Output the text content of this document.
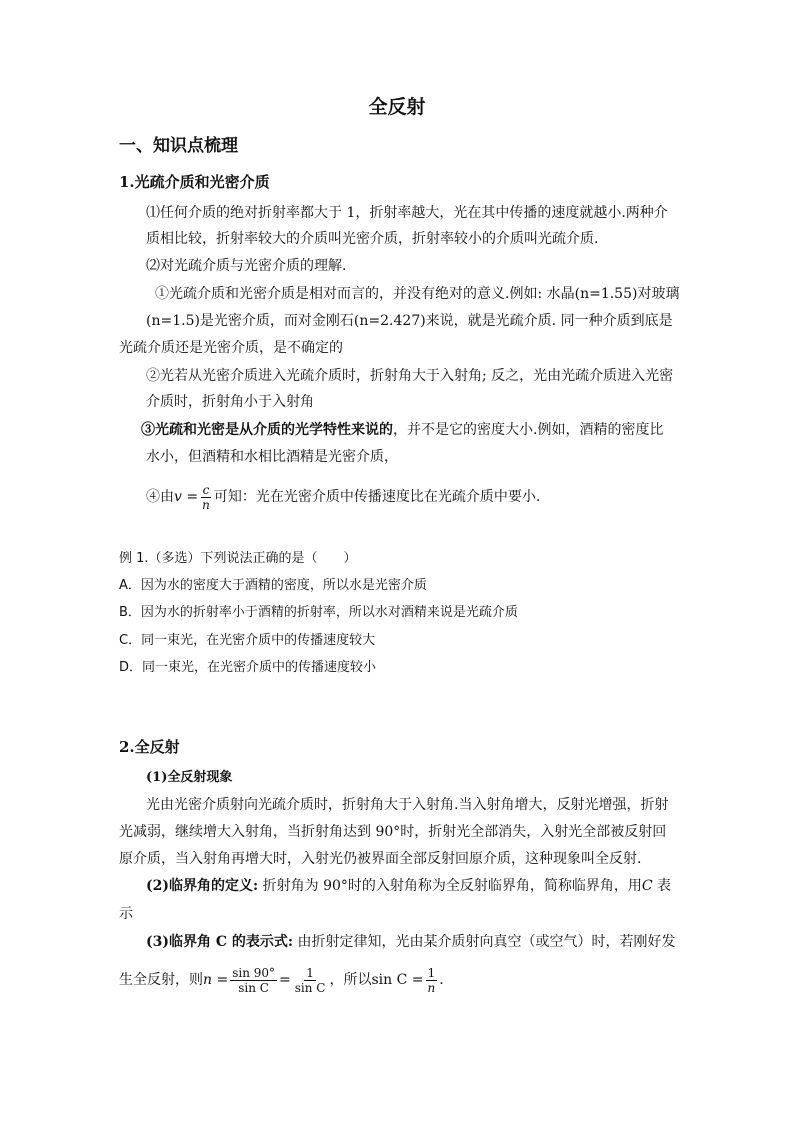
全反射
一、知识点梳理
1.光疏介质和光密介质
⑴任何介质的绝对折射率都大于 1，折射率越大，光在其中传播的速度就越小.两种介
质相比较，折射率较大的介质叫光密介质，折射率较小的介质叫光疏介质.
⑵对光疏介质与光密介质的理解.
①光疏介质和光密介质是相对而言的，并没有绝对的意义.例如: 水晶(n=1.55)对玻璃
(n=1.5)是光密介质，而对金刚石(n=2.427)来说，就是光疏介质. 同一种介质到底是
光疏介质还是光密介质，是不确定的
②光若从光密介质进入光疏介质时，折射角大于入射角; 反之，光由光疏介质进入光密
介质时，折射角小于入射角
③光疏和光密是从介质的光学特性来说的，并不是它的密度大小.例如，酒精的密度比
水小，但酒精和水相比酒精是光密介质，
④由$v = \frac{c}{n}$ 可知：光在光密介质中传播速度比在光疏介质中要小.
例 1.（多选）下列说法正确的是（　　）
A．因为水的密度大于酒精的密度，所以水是光密介质
B．因为水的折射率小于酒精的折射率，所以水对酒精来说是光疏介质
C．同一束光，在光密介质中的传播速度较大
D．同一束光，在光密介质中的传播速度较小
2.全反射
(1)全反射现象
光由光密介质射向光疏介质时，折射角大于入射角.当入射角增大，反射光增强，折射
光减弱，继续增大入射角，当折射角达到 90°时，折射光全部消失，入射光全部被反射回
原介质，当入射角再增大时，入射光仍被界面全部反射回原介质，这种现象叫全反射.
(2)临界角的定义: 折射角为 90°时的入射角称为全反射临界角，简称临界角，用C 表
示
(3)临界角 C 的表示式: 由折射定律知，光由某介质射向真空（或空气）时，若刚好发
生全反射，则$n = \frac{\sin 90^\circ}{\text{sin C}} = \frac{1}{\text{sin C}}$ ，所以$\sin C = \frac{1}{n}$ .
